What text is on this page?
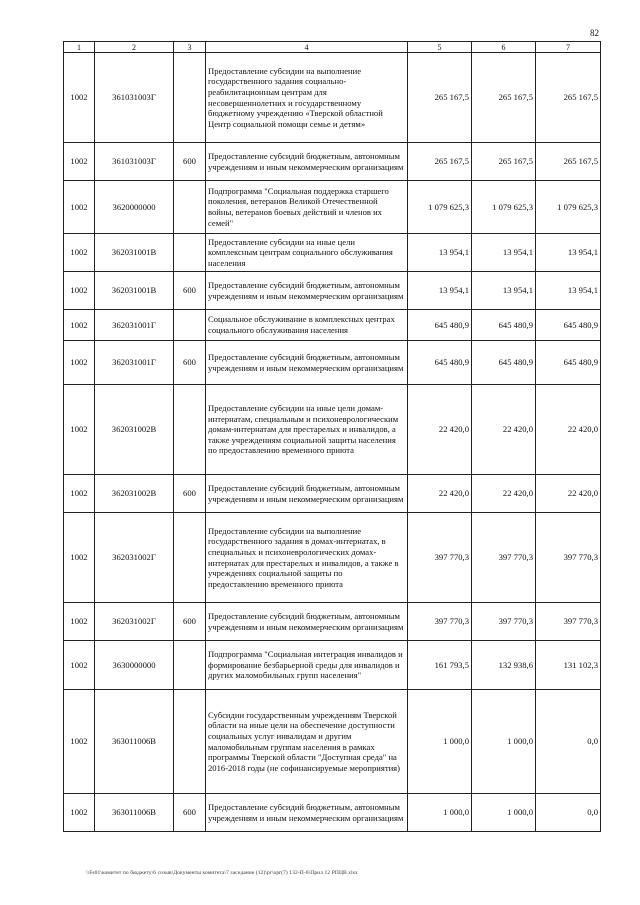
82
1	2	3	4	5	6	7
1002	361031003Г		Предоставление субсидии на выполнение государственного задания социально-реабилитационным центрам для несовершеннолетних и государственному бюджетному учреждению «Тверской областной Центр социальной помощи семье и детям»	265 167,5	265 167,5	265 167,5
1002	361031003Г	600	Предоставление субсидий бюджетным, автономным учреждениям и иным некоммерческим организациям	265 167,5	265 167,5	265 167,5
1002	3620000000		Подпрограмма "Социальная поддержка старшего поколения, ветеранов Великой Отечественной войны, ветеранов боевых действий и членов их семей"	1 079 625,3	1 079 625,3	1 079 625,3
1002	362031001В		Предоставление субсидии на иные цели комплексным центрам социального обслуживания населения	13 954,1	13 954,1	13 954,1
1002	362031001В	600	Предоставление субсидий бюджетным, автономным учреждениям и иным некоммерческим организациям	13 954,1	13 954,1	13 954,1
1002	362031001Г		Социальное обслуживание в комплексных центрах социального обслуживания населения	645 480,9	645 480,9	645 480,9
1002	362031001Г	600	Предоставление субсидий бюджетным, автономным учреждениям и иным некоммерческим организациям	645 480,9	645 480,9	645 480,9
1002	362031002В		Предоставление субсидии на иные цели домам-интернатам, специальным и психоневрологическим домам-интернатам для престарелых и инвалидов, а также учреждениям социальной защиты населения по предоставлению временного приюта	22 420,0	22 420,0	22 420,0
1002	362031002В	600	Предоставление субсидий бюджетным, автономным учреждениям и иным некоммерческим организациям	22 420,0	22 420,0	22 420,0
1002	362031002Г		Предоставление субсидии на выполнение государственного задания в домах-интернатах, в специальных и психоневрологических домах-интернатах для престарелых и инвалидов, а также в учреждениях социальной защиты по предоставлению временного приюта	397 770,3	397 770,3	397 770,3
1002	362031002Г	600	Предоставление субсидий бюджетным, автономным учреждениям и иным некоммерческим организациям	397 770,3	397 770,3	397 770,3
1002	3630000000		Подпрограмма "Социальная интеграция инвалидов и формирование безбарьерной среды для инвалидов и других маломобильных групп населения"	161 793,5	132 938,6	131 102,3
1002	363011006В		Субсидии государственным учреждениям Тверской области на иные цели на обеспечение доступности социальных услуг инвалидам и другим маломобильным группам населения в рамках программы Тверской области "Доступная среда" на 2016-2018 годы (не софинансируемые мероприятия)	1 000,0	1 000,0	0,0
1002	363011006В	600	Предоставление субсидий бюджетным, автономным учреждениям и иным некоммерческим организациям	1 000,0	1 000,0	0,0
\\Fs01\комитет по бюджету\6 созыв\Документы комитета\7 заседание (12)\pr\opr(7) 132-П-6\Прил 12 РПЦВ.xlsx
